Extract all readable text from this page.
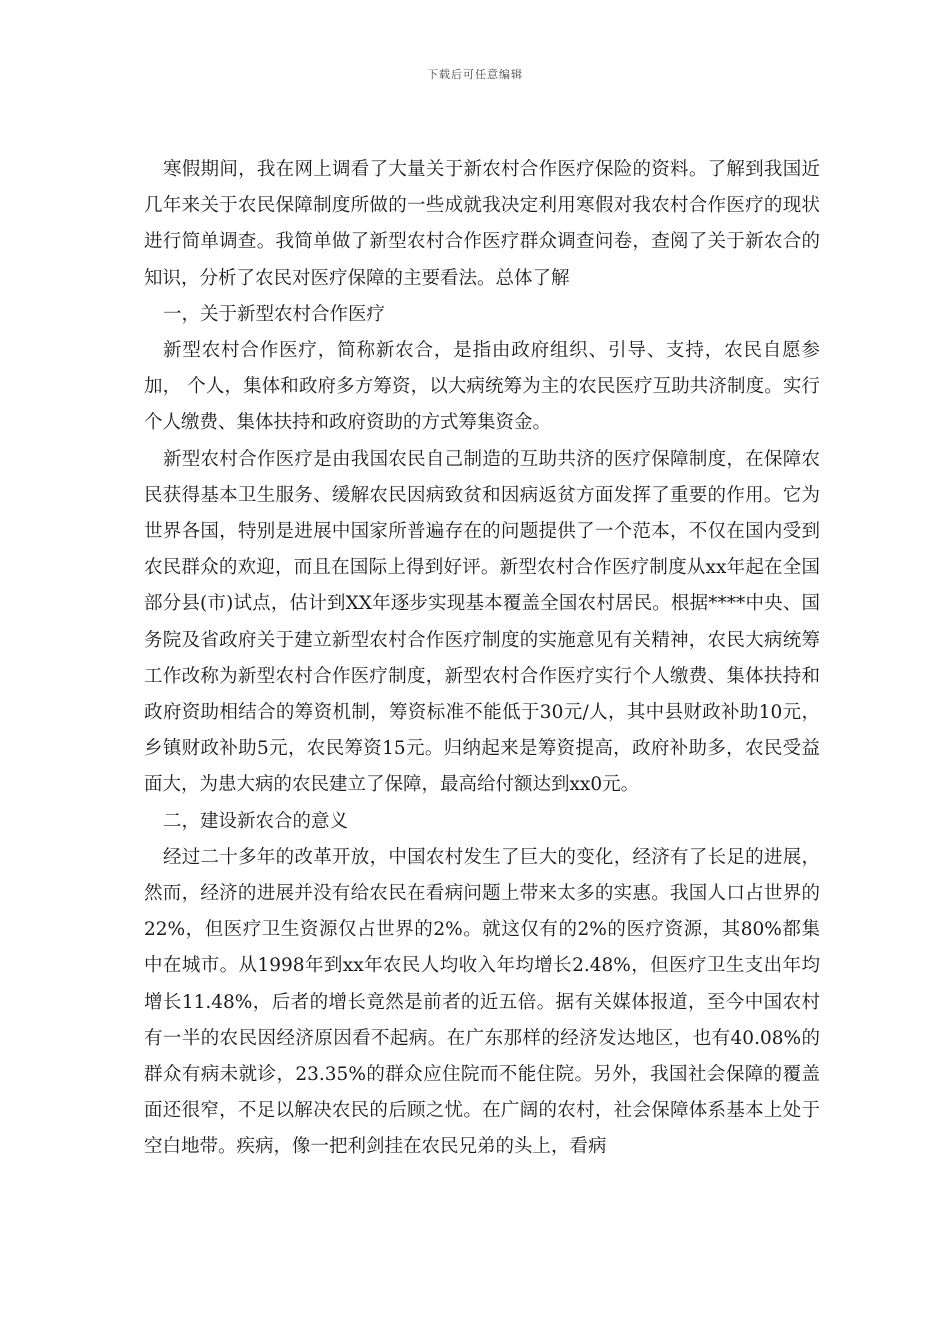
下载后可任意编辑

寒假期间，我在网上调看了大量关于新农村合作医疗保险的资料。了解到我国近几年来关于农民保障制度所做的一些成就我决定利用寒假对我农村合作医疗的现状进行简单调查。我简单做了新型农村合作医疗群众调查问卷，查阅了关于新农合的知识，分析了农民对医疗保障的主要看法。总体了解

一，关于新型农村合作医疗

新型农村合作医疗，简称新农合，是指由政府组织、引导、支持，农民自愿参加， 个人，集体和政府多方筹资，以大病统筹为主的农民医疗互助共济制度。实行个人缴费、集体扶持和政府资助的方式筹集资金。

新型农村合作医疗是由我国农民自己制造的互助共济的医疗保障制度，在保障农民获得基本卫生服务、缓解农民因病致贫和因病返贫方面发挥了重要的作用。它为世界各国，特别是进展中国家所普遍存在的问题提供了一个范本，不仅在国内受到农民群众的欢迎，而且在国际上得到好评。新型农村合作医疗制度从xx年起在全国部分县(市)试点，估计到XX年逐步实现基本覆盖全国农村居民。根据****中央、国务院及省政府关于建立新型农村合作医疗制度的实施意见有关精神，农民大病统筹工作改称为新型农村合作医疗制度，新型农村合作医疗实行个人缴费、集体扶持和政府资助相结合的筹资机制，筹资标准不能低于30元/人，其中县财政补助10元，乡镇财政补助5元，农民筹资15元。归纳起来是筹资提高，政府补助多，农民受益面大，为患大病的农民建立了保障，最高给付额达到xx0元。

二，建设新农合的意义

经过二十多年的改革开放，中国农村发生了巨大的变化，经济有了长足的进展，然而，经济的进展并没有给农民在看病问题上带来太多的实惠。我国人口占世界的22%，但医疗卫生资源仅占世界的2%。就这仅有的2%的医疗资源，其80%都集中在城市。从1998年到xx年农民人均收入年均增长2.48%，但医疗卫生支出年均增长11.48%，后者的增长竟然是前者的近五倍。据有关媒体报道，至今中国农村有一半的农民因经济原因看不起病。在广东那样的经济发达地区，也有40.08%的群众有病未就诊，23.35%的群众应住院而不能住院。另外，我国社会保障的覆盖面还很窄，不足以解决农民的后顾之忧。在广阔的农村，社会保障体系基本上处于空白地带。疾病，像一把利剑挂在农民兄弟的头上，看病
